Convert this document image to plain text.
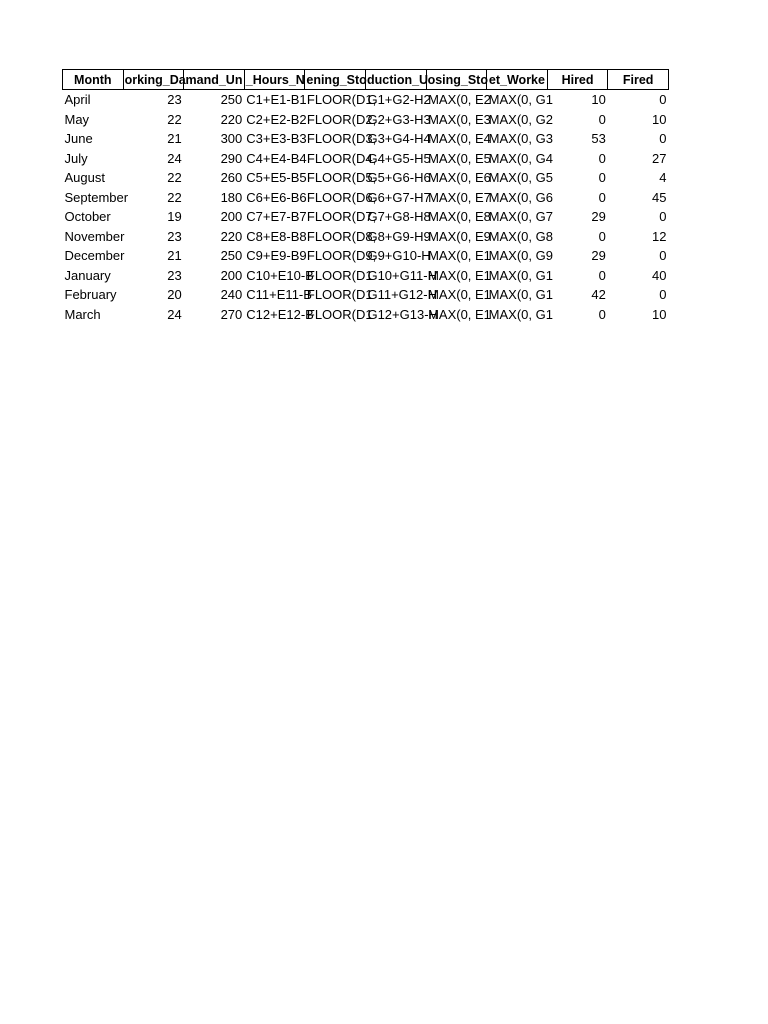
Month	orking_Da	mand_Un	_Hours_N	ening_Sto	duction_U	osing_Sto	et_Worke	Hired	Fired
April	23	250	C1+E1-B1	FLOOR(D1,	G1+G2-H2	MAX(0, E2	MAX(0, G1	10	0
May	22	220	C2+E2-B2	FLOOR(D2,	G2+G3-H3	MAX(0, E3	MAX(0, G2	0	10
June	21	300	C3+E3-B3	FLOOR(D3,	G3+G4-H4	MAX(0, E4	MAX(0, G3	53	0
July	24	290	C4+E4-B4	FLOOR(D4,	G4+G5-H5	MAX(0, E5	MAX(0, G4	0	27
August	22	260	C5+E5-B5	FLOOR(D5,	G5+G6-H6	MAX(0, E6	MAX(0, G5	0	4
September	22	180	C6+E6-B6	FLOOR(D6,	G6+G7-H7	MAX(0, E7	MAX(0, G6	0	45
October	19	200	C7+E7-B7	FLOOR(D7,	G7+G8-H8	MAX(0, E8	MAX(0, G7	29	0
November	23	220	C8+E8-B8	FLOOR(D8,	G8+G9-H9	MAX(0, E9	MAX(0, G8	0	12
December	21	250	C9+E9-B9	FLOOR(D9,	G9+G10-H	MAX(0, E1	MAX(0, G9	29	0
January	23	200	C10+E10-B	FLOOR(D1	G10+G11-H	MAX(0, E1	MAX(0, G1	0	40
February	20	240	C11+E11-B	FLOOR(D1	G11+G12-H	MAX(0, E1	MAX(0, G1	42	0
March	24	270	C12+E12-B	FLOOR(D1	G12+G13-H	MAX(0, E1	MAX(0, G1	0	10
